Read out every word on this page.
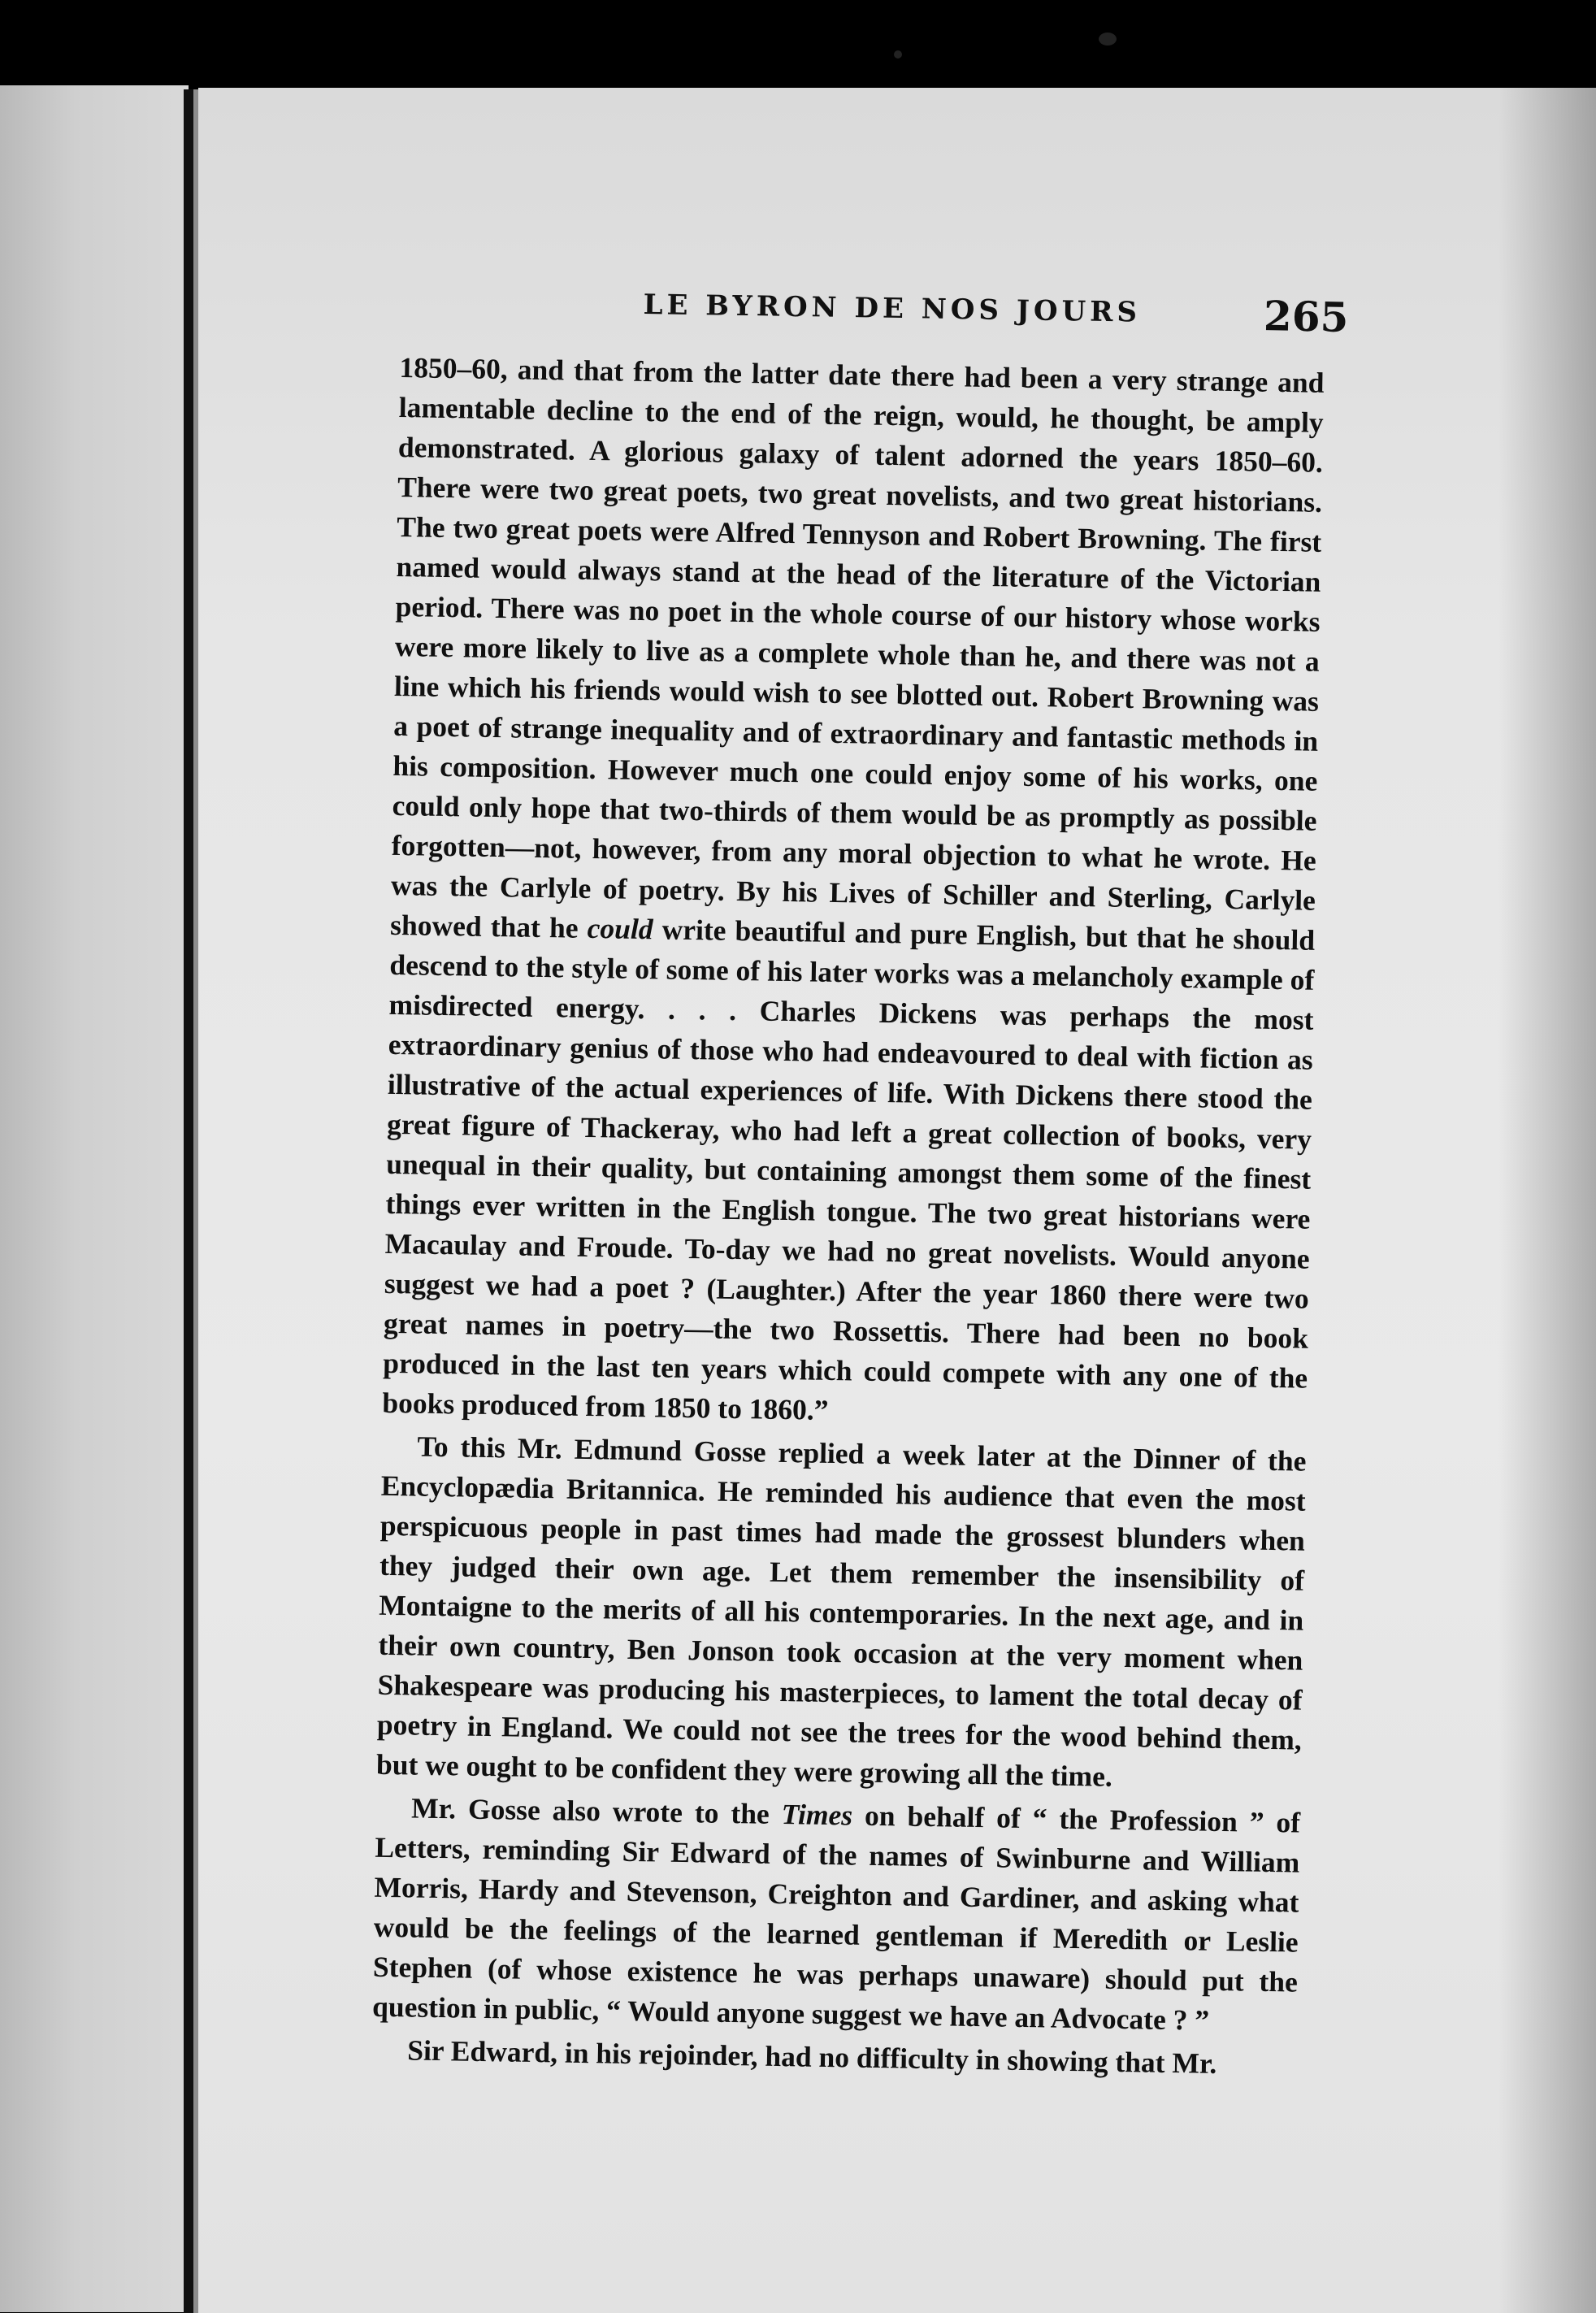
LE BYRON DE NOS JOURS	265

1850–60, and that from the latter date there had been a very strange and lamentable decline to the end of the reign, would, he thought, be amply demonstrated. A glorious galaxy of talent adorned the years 1850–60. There were two great poets, two great novelists, and two great historians. The two great poets were Alfred Tennyson and Robert Browning. The first named would always stand at the head of the literature of the Victorian period. There was no poet in the whole course of our history whose works were more likely to live as a complete whole than he, and there was not a line which his friends would wish to see blotted out. Robert Browning was a poet of strange inequality and of extraordinary and fantastic methods in his composition. However much one could enjoy some of his works, one could only hope that two-thirds of them would be as promptly as possible forgotten—not, however, from any moral objection to what he wrote. He was the Carlyle of poetry. By his Lives of Schiller and Sterling, Carlyle showed that he could write beautiful and pure English, but that he should descend to the style of some of his later works was a melancholy example of misdirected energy. . . . Charles Dickens was perhaps the most extraordinary genius of those who had endeavoured to deal with fiction as illustrative of the actual experiences of life. With Dickens there stood the great figure of Thackeray, who had left a great collection of books, very unequal in their quality, but containing amongst them some of the finest things ever written in the English tongue. The two great historians were Macaulay and Froude. To-day we had no great novelists. Would anyone suggest we had a poet ? (Laughter.) After the year 1860 there were two great names in poetry—the two Rossettis. There had been no book produced in the last ten years which could compete with any one of the books produced from 1850 to 1860.”

To this Mr. Edmund Gosse replied a week later at the Dinner of the Encyclopædia Britannica. He reminded his audience that even the most perspicuous people in past times had made the grossest blunders when they judged their own age. Let them remember the insensibility of Montaigne to the merits of all his contemporaries. In the next age, and in their own country, Ben Jonson took occasion at the very moment when Shakespeare was producing his masterpieces, to lament the total decay of poetry in England. We could not see the trees for the wood behind them, but we ought to be confident they were growing all the time.

Mr. Gosse also wrote to the Times on behalf of “ the Profession ” of Letters, reminding Sir Edward of the names of Swinburne and William Morris, Hardy and Stevenson, Creighton and Gardiner, and asking what would be the feelings of the learned gentleman if Meredith or Leslie Stephen (of whose existence he was perhaps unaware) should put the question in public, “ Would anyone suggest we have an Advocate ? ”

Sir Edward, in his rejoinder, had no difficulty in showing that Mr.
